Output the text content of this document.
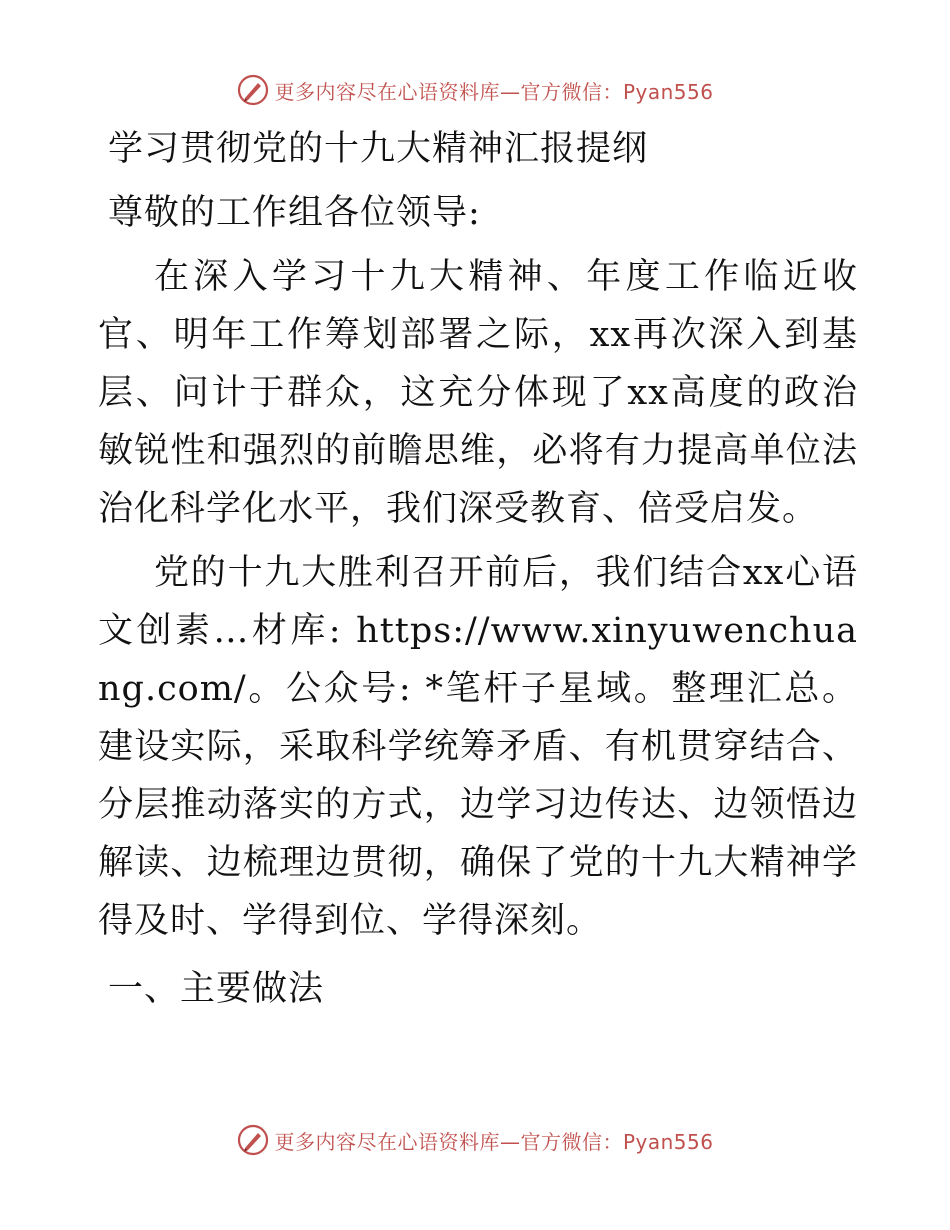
更多内容尽在心语资料库—官方微信：Pyan556

学习贯彻党的十九大精神汇报提纲

尊敬的工作组各位领导:

在深入学习十九大精神、年度工作临近收官、明年工作筹划部署之际，xx再次深入到基层、问计于群众，这充分体现了xx高度的政治敏锐性和强烈的前瞻思维，必将有力提高单位法治化科学化水平，我们深受教育、倍受启发。

党的十九大胜利召开前后，我们结合xx心语文创素…材库: https://www.xinyuwenchuang.com/。公众号: *笔杆子星域。整理汇总。建设实际，采取科学统筹矛盾、有机贯穿结合、分层推动落实的方式，边学习边传达、边领悟边解读、边梳理边贯彻，确保了党的十九大精神学得及时、学得到位、学得深刻。

一、主要做法

更多内容尽在心语资料库—官方微信：Pyan556
